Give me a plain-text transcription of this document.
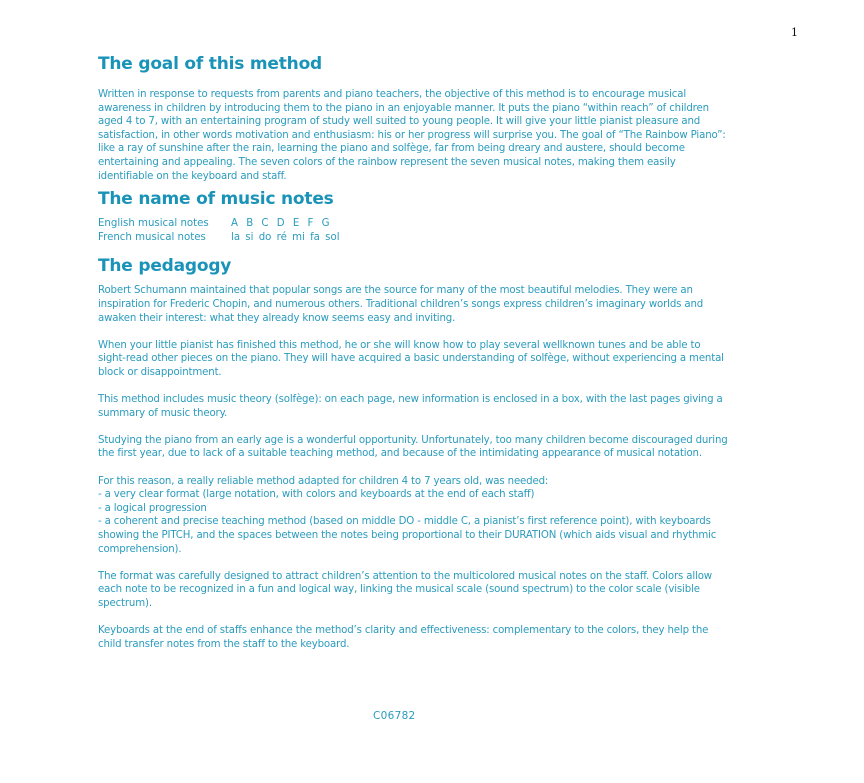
1
The goal of this method

Written in response to requests from parents and piano teachers, the objective of this method is to encourage musical awareness in children by introducing them to the piano in an enjoyable manner. It puts the piano “within reach” of children aged 4 to 7, with an entertaining program of study well suited to young people. It will give your little pianist pleasure and satisfaction, in other words motivation and enthusiasm: his or her progress will surprise you. The goal of “The Rainbow Piano”: like a ray of sunshine after the rain, learning the piano and solfège, far from being dreary and austere, should become entertaining and appealing. The seven colors of the rainbow represent the seven musical notes, making them easily identifiable on the keyboard and staff.

The name of music notes
English musical notes	A B C D E F G
French musical notes	la si do ré mi fa sol
The pedagogy

Robert Schumann maintained that popular songs are the source for many of the most beautiful melodies. They were an inspiration for Frederic Chopin, and numerous others. Traditional children’s songs express children’s imaginary worlds and awaken their interest: what they already know seems easy and inviting.

When your little pianist has finished this method, he or she will know how to play several wellknown tunes and be able to sight-read other pieces on the piano. They will have acquired a basic understanding of solfège, without experiencing a mental block or disappointment.

This method includes music theory (solfège): on each page, new information is enclosed in a box, with the last pages giving a summary of music theory.

Studying the piano from an early age is a wonderful opportunity. Unfortunately, too many children become discouraged during the first year, due to lack of a suitable teaching method, and because of the intimidating appearance of musical notation.

For this reason, a really reliable method adapted for children 4 to 7 years old, was needed:

- a very clear format (large notation, with colors and keyboards at the end of each staff)

- a logical progression

- a coherent and precise teaching method (based on middle DO - middle C, a pianist’s first reference point), with keyboards showing the PITCH, and the spaces between the notes being proportional to their DURATION (which aids visual and rhythmic comprehension).

The format was carefully designed to attract children’s attention to the multicolored musical notes on the staff. Colors allow each note to be recognized in a fun and logical way, linking the musical scale (sound spectrum) to the color scale (visible spectrum).

Keyboards at the end of staffs enhance the method’s clarity and effectiveness: complementary to the colors, they help the child transfer notes from the staff to the keyboard.

C06782
